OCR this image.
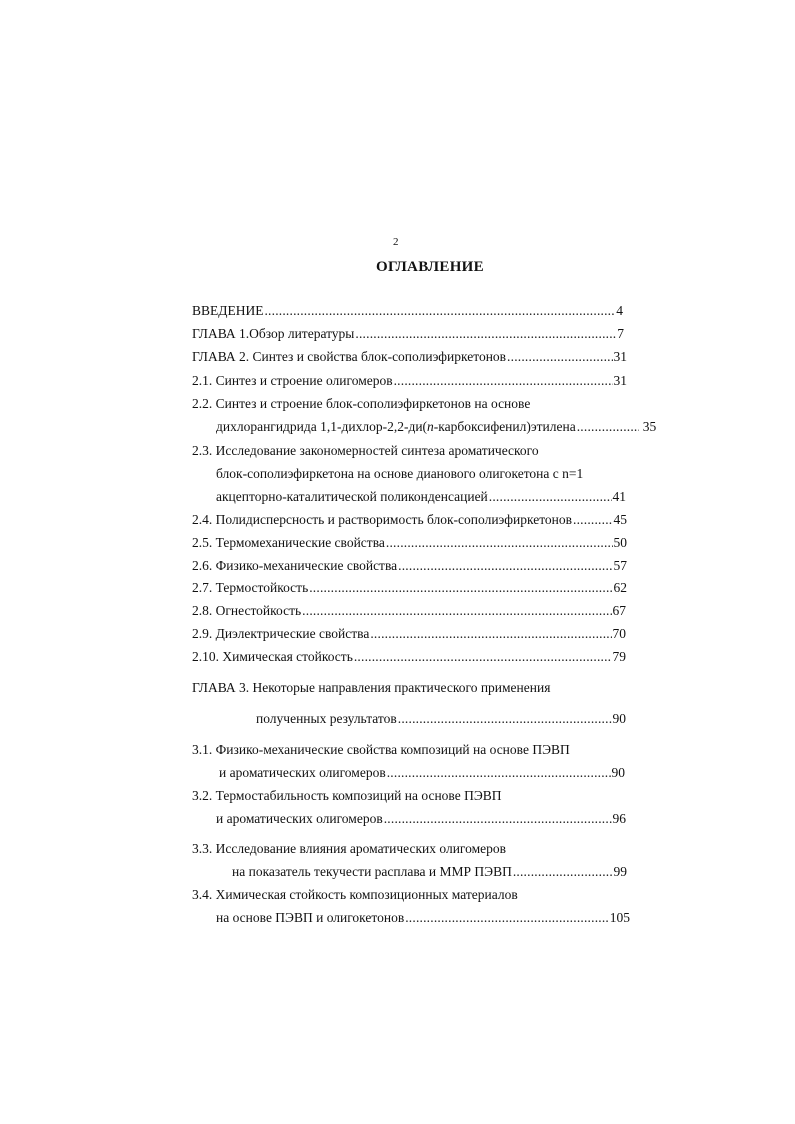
2
ОГЛАВЛЕНИЕ
ВВЕДЕНИЕ .....	4
ГЛАВА 1.Обзор литературы .....	7
ГЛАВА 2. Синтез и свойства блок-сополиэфиркетонов .....	31
2.1. Синтез и строение олигомеров .....	31
2.2. Синтез и строение блок-сополиэфиркетонов на основе
дихлорангидрида 1,1-дихлор-2,2-ди(п-карбоксифенил)этилена .....	35
2.3. Исследование закономерностей синтеза ароматического
блок-сополиэфиркетона на основе дианового олигокетона с n=1
акцепторно-каталитической поликонденсацией .....	41
2.4. Полидисперсность и растворимость блок-сополиэфиркетонов .....	45
2.5. Термомеханические свойства .....	50
2.6. Физико-механические свойства .....	57
2.7. Термостойкость .....	62
2.8. Огнестойкость .....	67
2.9. Диэлектрические свойства .....	70
2.10. Химическая стойкость .....	79
ГЛАВА 3. Некоторые направления практического применения
полученных результатов .....	90
3.1. Физико-механические свойства композиций на основе ПЭВП
и ароматических олигомеров .....	90
3.2. Термостабильность композиций на основе ПЭВП
и ароматических олигомеров .....	96
3.3. Исследование влияния ароматических олигомеров
на показатель текучести расплава и ММР ПЭВП .....	99
3.4. Химическая стойкость композиционных материалов
на основе ПЭВП и олигокетонов .....	105
